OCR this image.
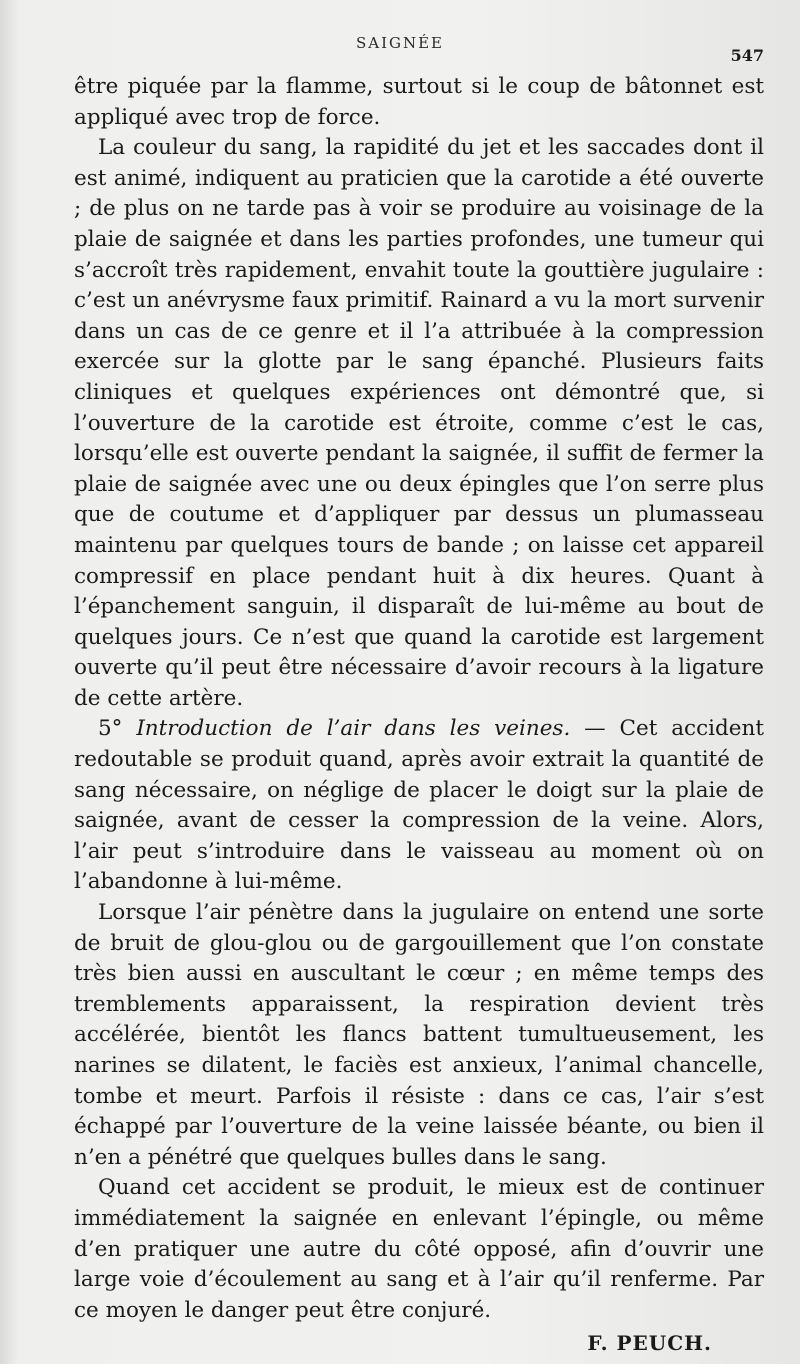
SAIGNÉE
547

être piquée par la flamme, surtout si le coup de bâtonnet est appliqué avec trop de force.

La couleur du sang, la rapidité du jet et les saccades dont il est animé, indiquent au praticien que la carotide a été ouverte ; de plus on ne tarde pas à voir se produire au voisinage de la plaie de saignée et dans les parties profondes, une tumeur qui s’accroît très rapidement, envahit toute la gouttière jugulaire : c’est un anévrysme faux primitif. Rainard a vu la mort survenir dans un cas de ce genre et il l’a attribuée à la compression exercée sur la glotte par le sang épanché. Plusieurs faits cliniques et quelques expériences ont démontré que, si l’ouverture de la carotide est étroite, comme c’est le cas, lorsqu’elle est ouverte pendant la saignée, il suffit de fermer la plaie de saignée avec une ou deux épingles que l’on serre plus que de coutume et d’appliquer par dessus un plumasseau maintenu par quelques tours de bande ; on laisse cet appareil compressif en place pendant huit à dix heures. Quant à l’épanchement sanguin, il disparaît de lui-même au bout de quelques jours. Ce n’est que quand la carotide est largement ouverte qu’il peut être nécessaire d’avoir recours à la ligature de cette artère.

5° Introduction de l’air dans les veines. — Cet accident redoutable se produit quand, après avoir extrait la quantité de sang nécessaire, on néglige de placer le doigt sur la plaie de saignée, avant de cesser la compression de la veine. Alors, l’air peut s’introduire dans le vaisseau au moment où on l’abandonne à lui-même.

Lorsque l’air pénètre dans la jugulaire on entend une sorte de bruit de glou-glou ou de gargouillement que l’on constate très bien aussi en auscultant le cœur ; en même temps des tremblements apparaissent, la respiration devient très accélérée, bientôt les flancs battent tumultueusement, les narines se dilatent, le faciès est anxieux, l’animal chancelle, tombe et meurt. Parfois il résiste : dans ce cas, l’air s’est échappé par l’ouverture de la veine laissée béante, ou bien il n’en a pénétré que quelques bulles dans le sang.

Quand cet accident se produit, le mieux est de continuer immédiatement la saignée en enlevant l’épingle, ou même d’en pratiquer une autre du côté opposé, afin d’ouvrir une large voie d’écoulement au sang et à l’air qu’il renferme. Par ce moyen le danger peut être conjuré.

F. PEUCH.
